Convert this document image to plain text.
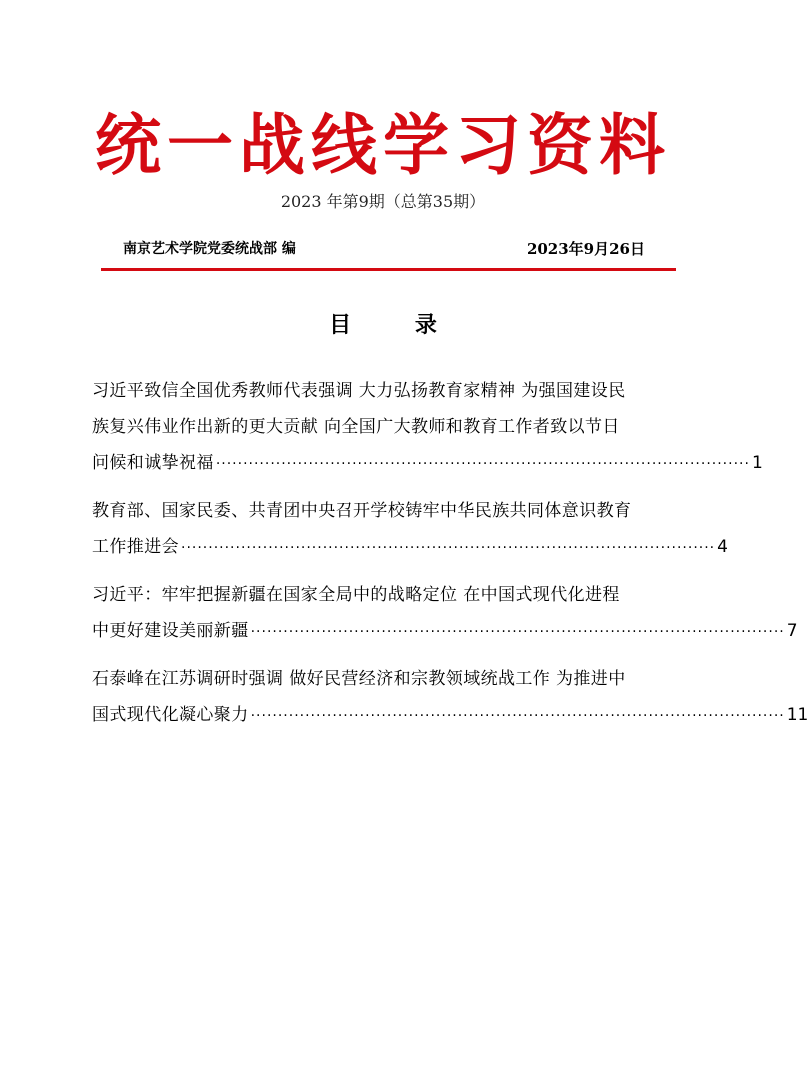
统一战线学习资料
2023 年第9期（总第35期）
南京艺术学院党委统战部 编	2023年9月26日
目 录
习近平致信全国优秀教师代表强调 大力弘扬教育家精神 为强国建设民
族复兴伟业作出新的更大贡献 向全国广大教师和教育工作者致以节日
问候和诚挚祝福 ·································································································· 1
教育部、国家民委、共青团中央召开学校铸牢中华民族共同体意识教育
工作推进会 ·································································································· 4
习近平：牢牢把握新疆在国家全局中的战略定位 在中国式现代化进程
中更好建设美丽新疆 ·································································································· 7
石泰峰在江苏调研时强调 做好民营经济和宗教领域统战工作 为推进中
国式现代化凝心聚力 ·································································································· 11
